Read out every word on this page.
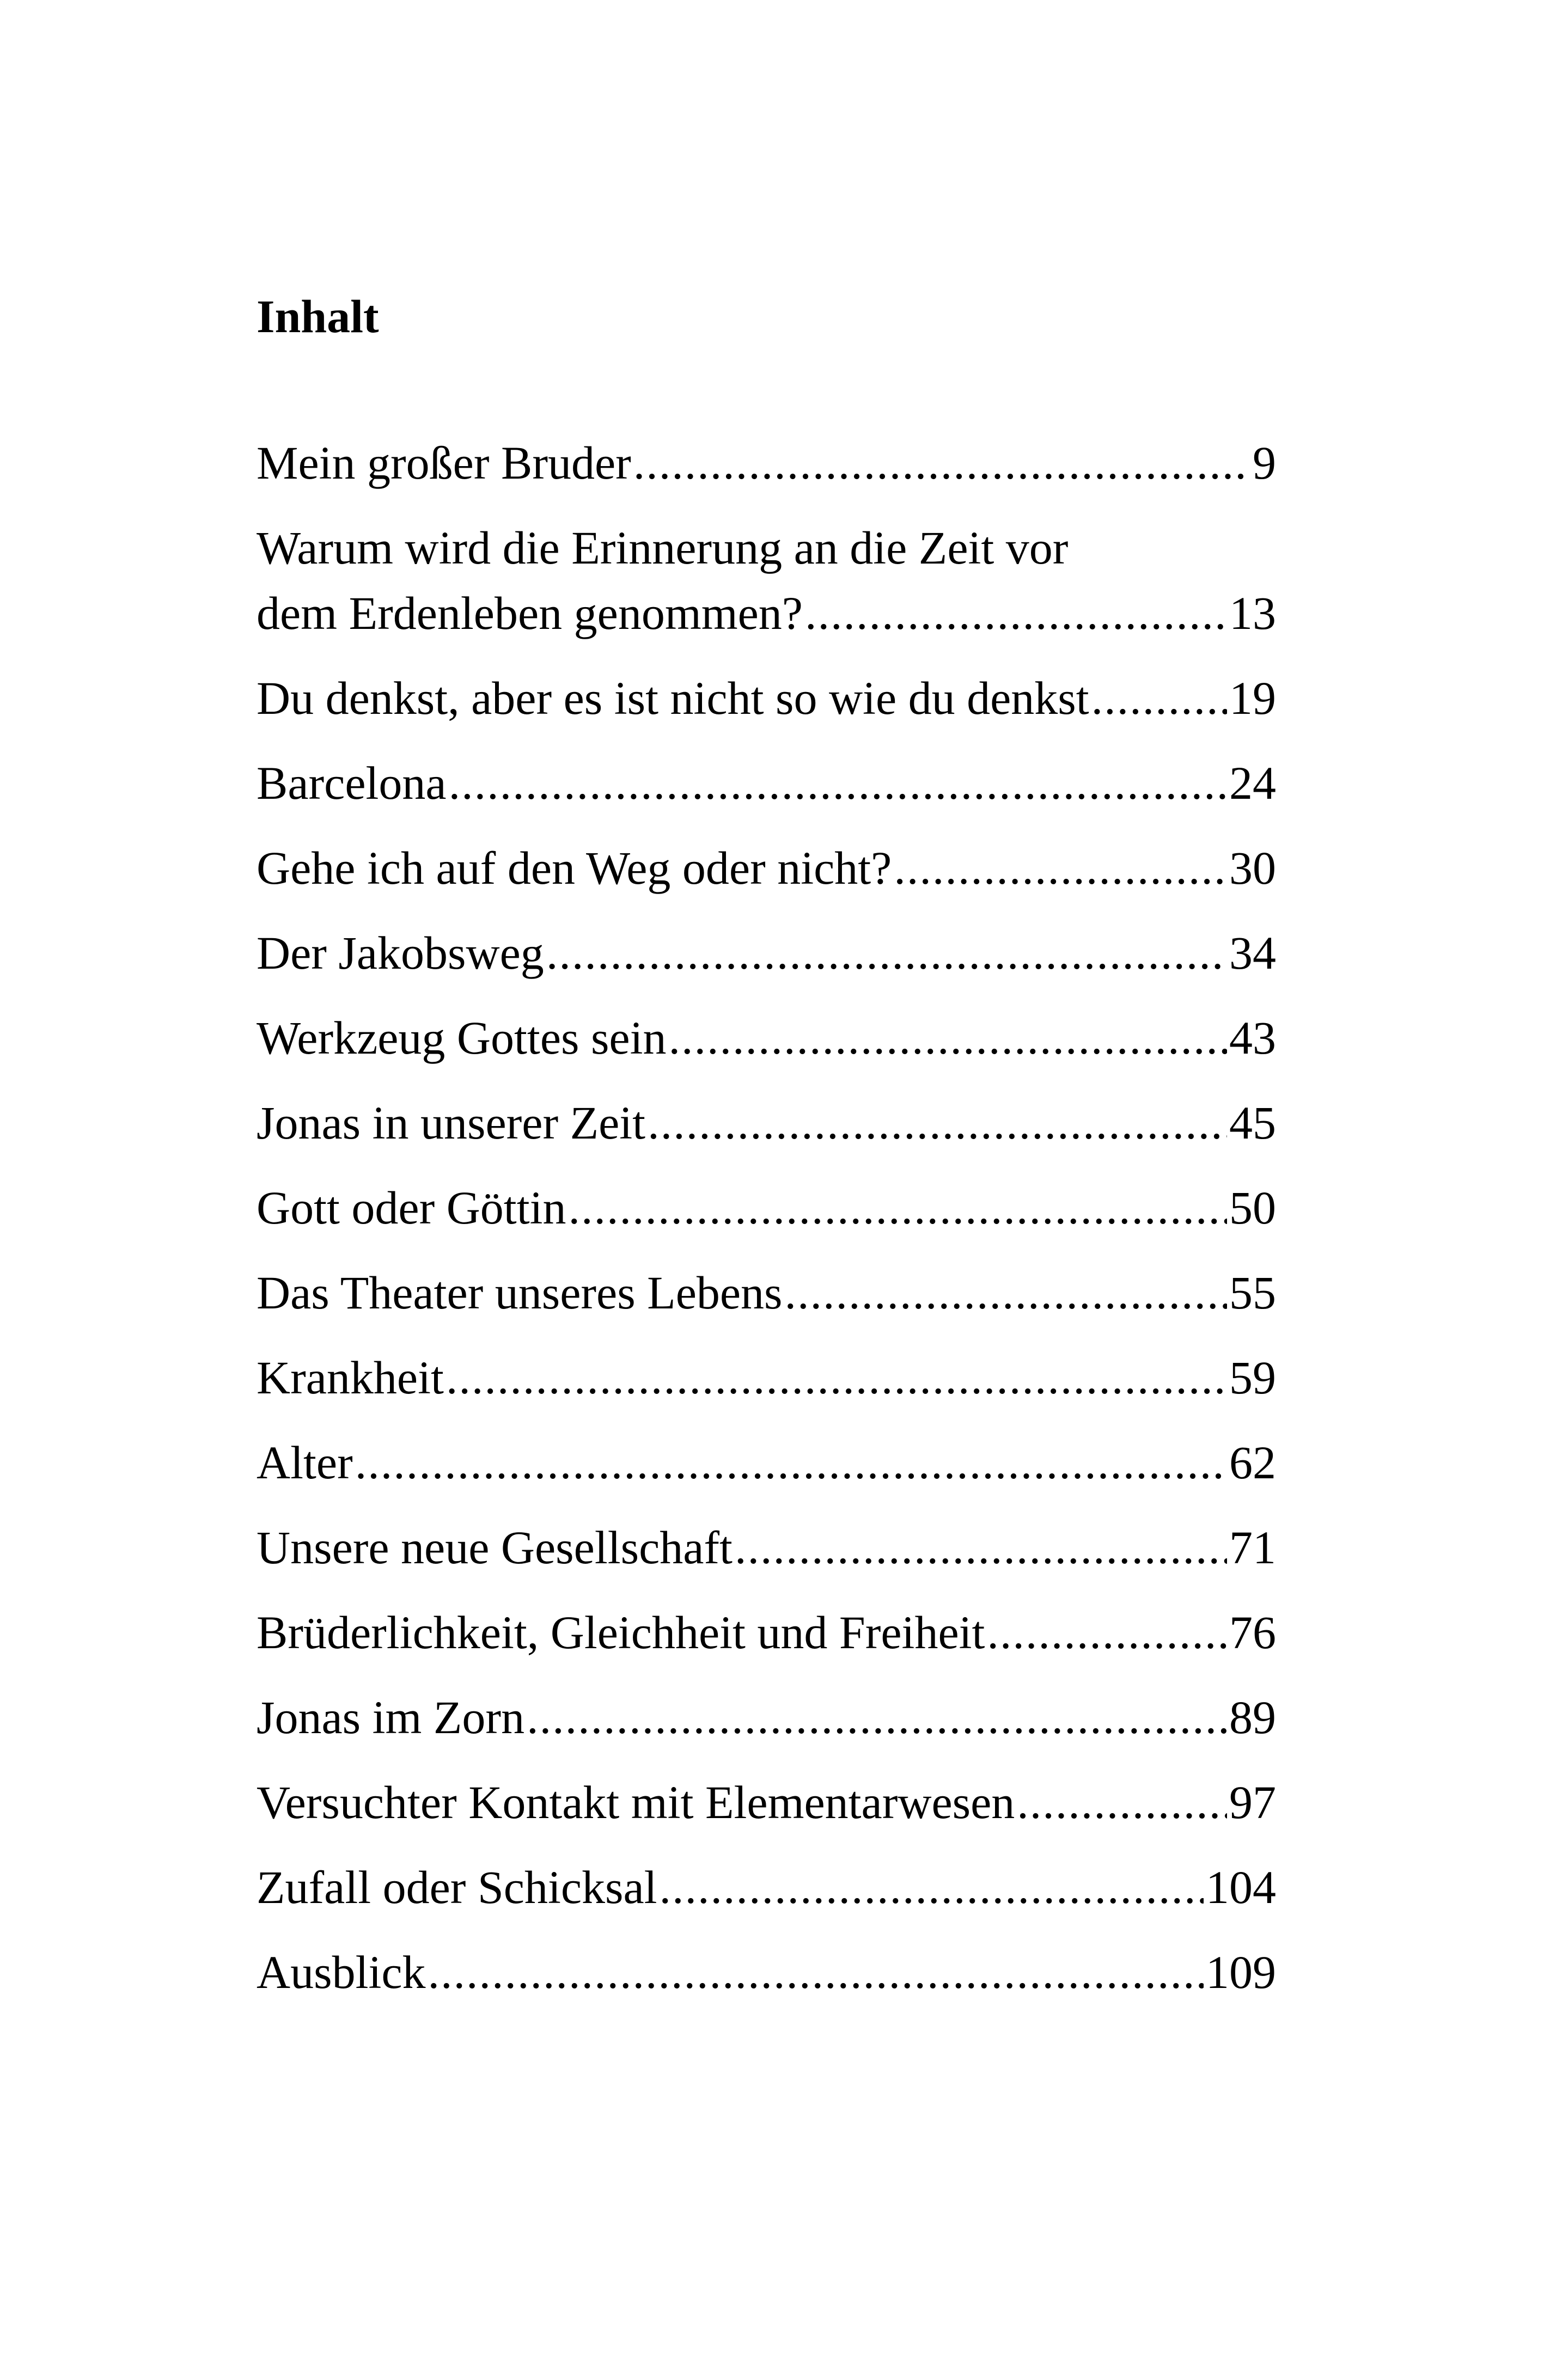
Inhalt
Mein großer Bruder .....	9
Warum wird die Erinnerung an die Zeit vor
dem Erdenleben genommen? .....	13
Du denkst, aber es ist nicht so wie du denkst .....	19
Barcelona .....	24
Gehe ich auf den Weg oder nicht? .....	30
Der Jakobsweg .....	34
Werkzeug Gottes sein .....	43
Jonas in unserer Zeit .....	45
Gott oder Göttin .....	50
Das Theater unseres Lebens .....	55
Krankheit .....	59
Alter .....	62
Unsere neue Gesellschaft .....	71
Brüderlichkeit, Gleichheit und Freiheit .....	76
Jonas im Zorn .....	89
Versuchter Kontakt mit Elementarwesen .....	97
Zufall oder Schicksal .....	104
Ausblick .....	109
